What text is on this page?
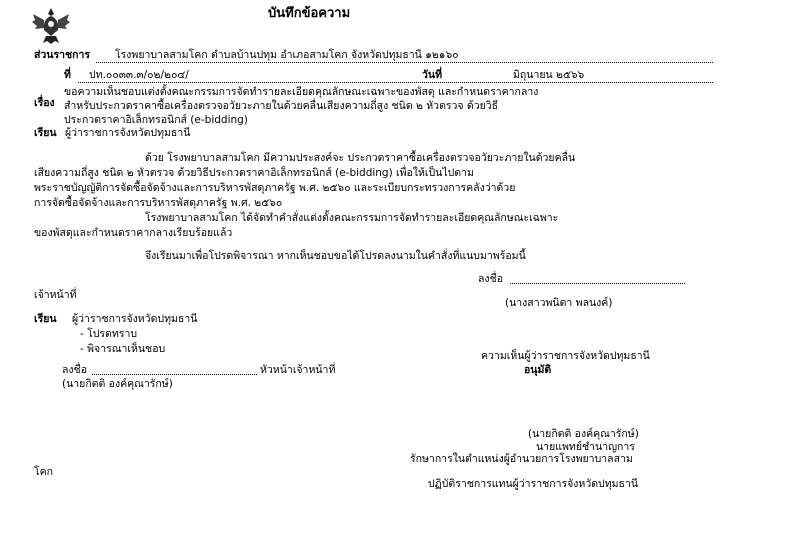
บันทึกข้อความ
ส่วนราชการ โรงพยาบาลสามโคก ตำบลบ้านปทุม อำเภอสามโคก จังหวัดปทุมธานี ๑๒๑๖๐
ที่ ปท.๐๐๓๓.๓/๐๒/๒๐๔/	วันที่	มิถุนายน ๒๕๖๖
เรื่อง
ขอความเห็นชอบแต่งตั้งคณะกรรมการจัดทำรายละเอียดคุณลักษณะเฉพาะของพัสดุ และกำหนดราคากลาง
สำหรับประกวดราคาซื้อเครื่องตรวจอวัยวะภายในด้วยคลื่นเสียงความถี่สูง ชนิด ๒ หัวตรวจ ด้วยวิธี
ประกวดราคาอิเล็กทรอนิกส์ (e-bidding)
เรียน ผู้ว่าราชการจังหวัดปทุมธานี
ด้วย โรงพยาบาลสามโคก มีความประสงค์จะ ประกวดราคาซื้อเครื่องตรวจอวัยวะภายในด้วยคลื่น
เสียงความถี่สูง ชนิด ๒ หัวตรวจ ด้วยวิธีประกวดราคาอิเล็กทรอนิกส์ (e-bidding) เพื่อให้เป็นไปตาม
พระราชบัญญัติการจัดซื้อจัดจ้างและการบริหารพัสดุภาครัฐ พ.ศ. ๒๕๖๐ และระเบียบกระทรวงการคลังว่าด้วย
การจัดซื้อจัดจ้างและการบริหารพัสดุภาครัฐ พ.ศ. ๒๕๖๐
โรงพยาบาลสามโคก ได้จัดทำคำสั่งแต่งตั้งคณะกรรมการจัดทำรายละเอียดคุณลักษณะเฉพาะ
ของพัสดุและกำหนดราคากลางเรียบร้อยแล้ว
จึงเรียนมาเพื่อโปรดพิจารณา หากเห็นชอบขอได้โปรดลงนามในคำสั่งที่แนบมาพร้อมนี้
ลงชื่อ
เจ้าหน้าที่
(นางสาวพนิดา พลนงค์)
เรียน ผู้ว่าราชการจังหวัดปทุมธานี
- โปรดทราบ
- พิจารณาเห็นชอบ
ความเห็นผู้ว่าราชการจังหวัดปทุมธานี
อนุมัติ
ลงชื่อ	หัวหน้าเจ้าหน้าที่
(นายกิตติ องค์คุณารักษ์)
(นายกิตติ องค์คุณารักษ์)
นายแพทย์ชำนาญการ
รักษาการในตำแหน่งผู้อำนวยการโรงพยาบาลสาม
โคก
ปฏิบัติราชการแทนผู้ว่าราชการจังหวัดปทุมธานี
